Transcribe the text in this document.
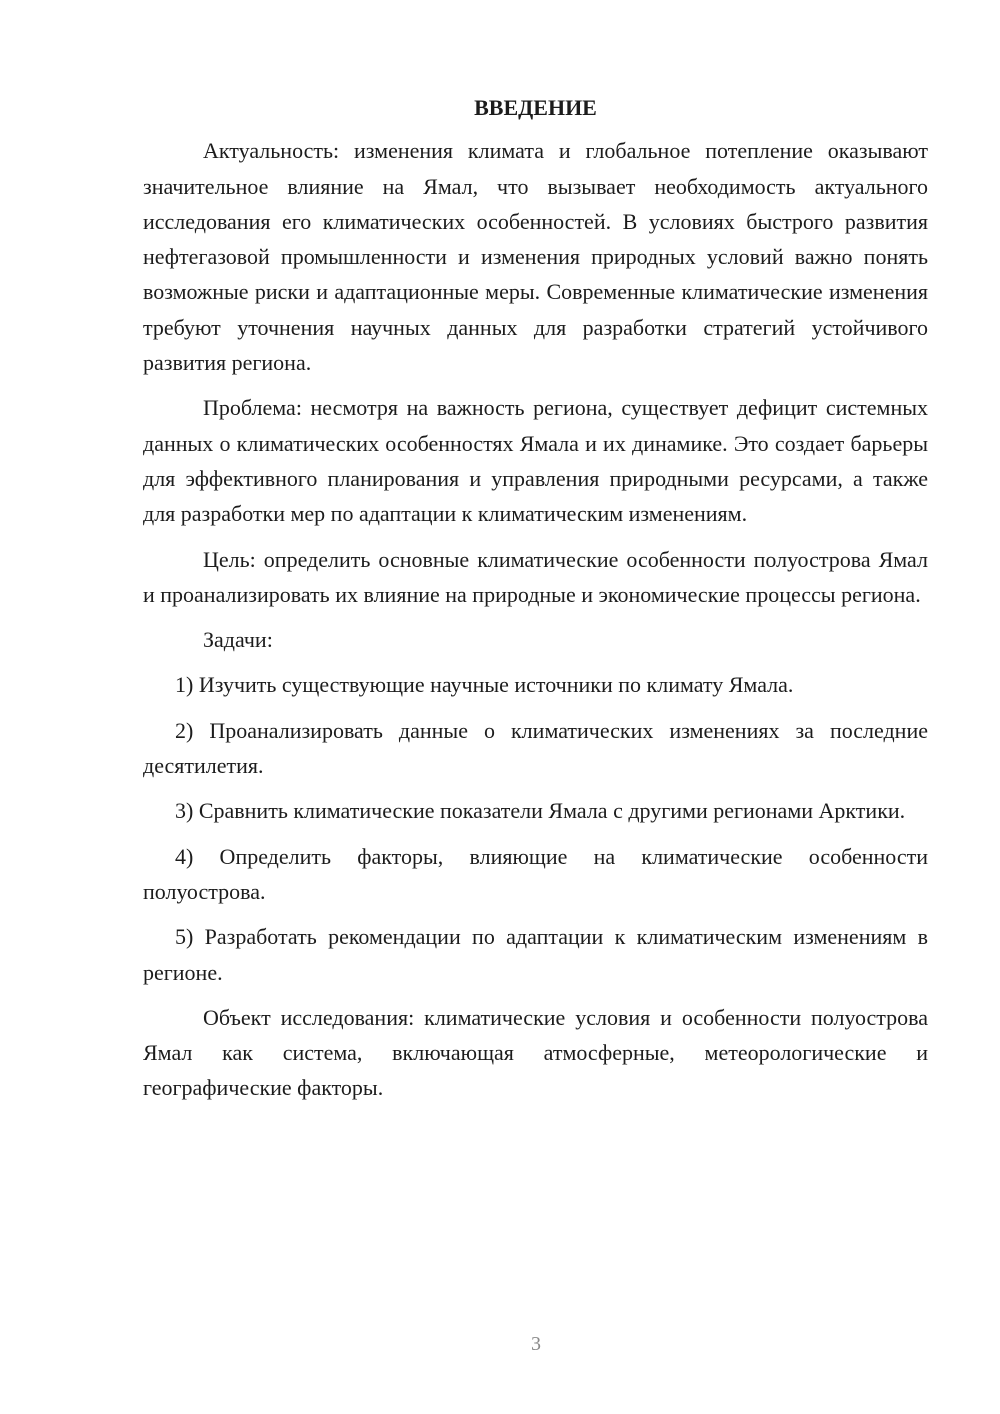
ВВЕДЕНИЕ

Актуальность: изменения климата и глобальное потепление оказывают значительное влияние на Ямал, что вызывает необходимость актуального исследования его климатических особенностей. В условиях быстрого развития нефтегазовой промышленности и изменения природных условий важно понять возможные риски и адаптационные меры. Современные климатические изменения требуют уточнения научных данных для разработки стратегий устойчивого развития региона.

Проблема: несмотря на важность региона, существует дефицит системных данных о климатических особенностях Ямала и их динамике. Это создает барьеры для эффективного планирования и управления природными ресурсами, а также для разработки мер по адаптации к климатическим изменениям.

Цель: определить основные климатические особенности полуострова Ямал и проанализировать их влияние на природные и экономические процессы региона.

Задачи:

1) Изучить существующие научные источники по климату Ямала.

2) Проанализировать данные о климатических изменениях за последние десятилетия.

3) Сравнить климатические показатели Ямала с другими регионами Арктики.

4) Определить факторы, влияющие на климатические особенности полуострова.

5) Разработать рекомендации по адаптации к климатическим изменениям в регионе.

Объект исследования: климатические условия и особенности полуострова Ямал как система, включающая атмосферные, метеорологические и географические факторы.

3
